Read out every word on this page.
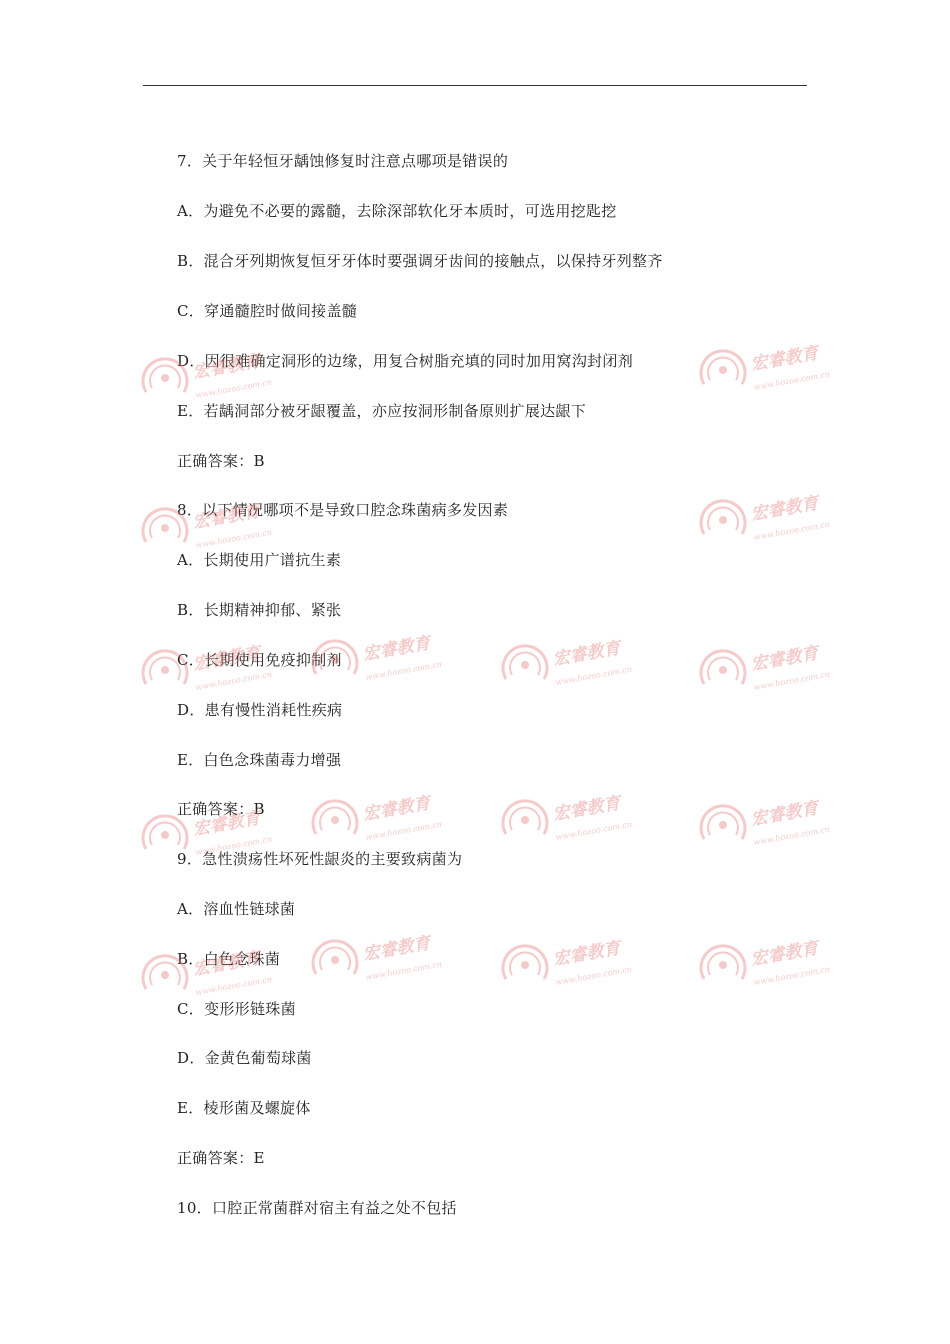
7．关于年轻恒牙龋蚀修复时注意点哪项是错误的
A．为避免不必要的露髓，去除深部软化牙本质时，可选用挖匙挖
B．混合牙列期恢复恒牙牙体时要强调牙齿间的接触点，以保持牙列整齐
C．穿通髓腔时做间接盖髓
D．因很难确定洞形的边缘，用复合树脂充填的同时加用窝沟封闭剂
E．若龋洞部分被牙龈覆盖，亦应按洞形制备原则扩展达龈下
正确答案：B
8．以下情况哪项不是导致口腔念珠菌病多发因素
A．长期使用广谱抗生素
B．长期精神抑郁、紧张
C．长期使用免疫抑制剂
D．患有慢性消耗性疾病
E．白色念珠菌毒力增强
正确答案：B
9．急性溃疡性坏死性龈炎的主要致病菌为
A．溶血性链球菌
B．白色念珠菌
C．变形形链珠菌
D．金黄色葡萄球菌
E．棱形菌及螺旋体
正确答案：E
10．口腔正常菌群对宿主有益之处不包括
